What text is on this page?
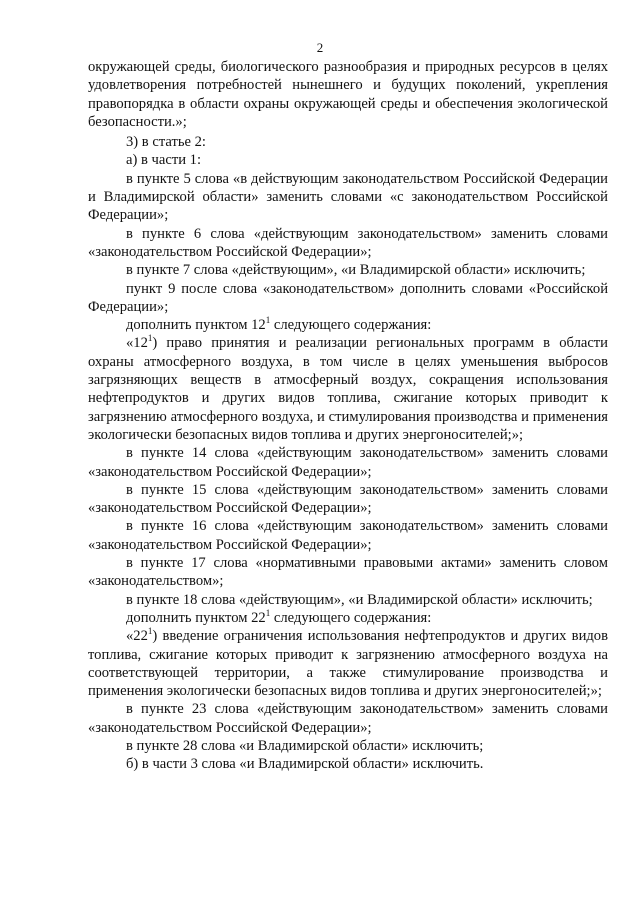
2

окружающей среды, биологического разнообразия и природных ресурсов в целях удовлетворения потребностей нынешнего и будущих поколений, укрепления правопорядка в области охраны окружающей среды и обеспечения экологической безопасности.»;

3) в статье 2:

а) в части 1:

в пункте 5 слова «в действующим законодательством Российской Федерации и Владимирской области» заменить словами «с законодательством Российской Федерации»;

в пункте 6 слова «действующим законодательством» заменить словами «законодательством Российской Федерации»;

в пункте 7 слова «действующим», «и Владимирской области» исключить;

пункт 9 после слова «законодательством» дополнить словами «Российской Федерации»;

дополнить пунктом $12^1$ следующего содержания:

«$12^1$) право принятия и реализации региональных программ в области охраны атмосферного воздуха, в том числе в целях уменьшения выбросов загрязняющих веществ в атмосферный воздух, сокращения использования нефтепродуктов и других видов топлива, сжигание которых приводит к загрязнению атмосферного воздуха, и стимулирования производства и применения экологически безопасных видов топлива и других энергоносителей;»;

в пункте 14 слова «действующим законодательством» заменить словами «законодательством Российской Федерации»;

в пункте 15 слова «действующим законодательством» заменить словами «законодательством Российской Федерации»;

в пункте 16 слова «действующим законодательством» заменить словами «законодательством Российской Федерации»;

в пункте 17 слова «нормативными правовыми актами» заменить словом «законодательством»;

в пункте 18 слова «действующим», «и Владимирской области» исключить;

дополнить пунктом $22^1$ следующего содержания:

«$22^1$) введение ограничения использования нефтепродуктов и других видов топлива, сжигание которых приводит к загрязнению атмосферного воздуха на соответствующей территории, а также стимулирование производства и применения экологически безопасных видов топлива и других энергоносителей;»;

в пункте 23 слова «действующим законодательством» заменить словами «законодательством Российской Федерации»;

в пункте 28 слова «и Владимирской области» исключить;

б) в части 3 слова «и Владимирской области» исключить.
